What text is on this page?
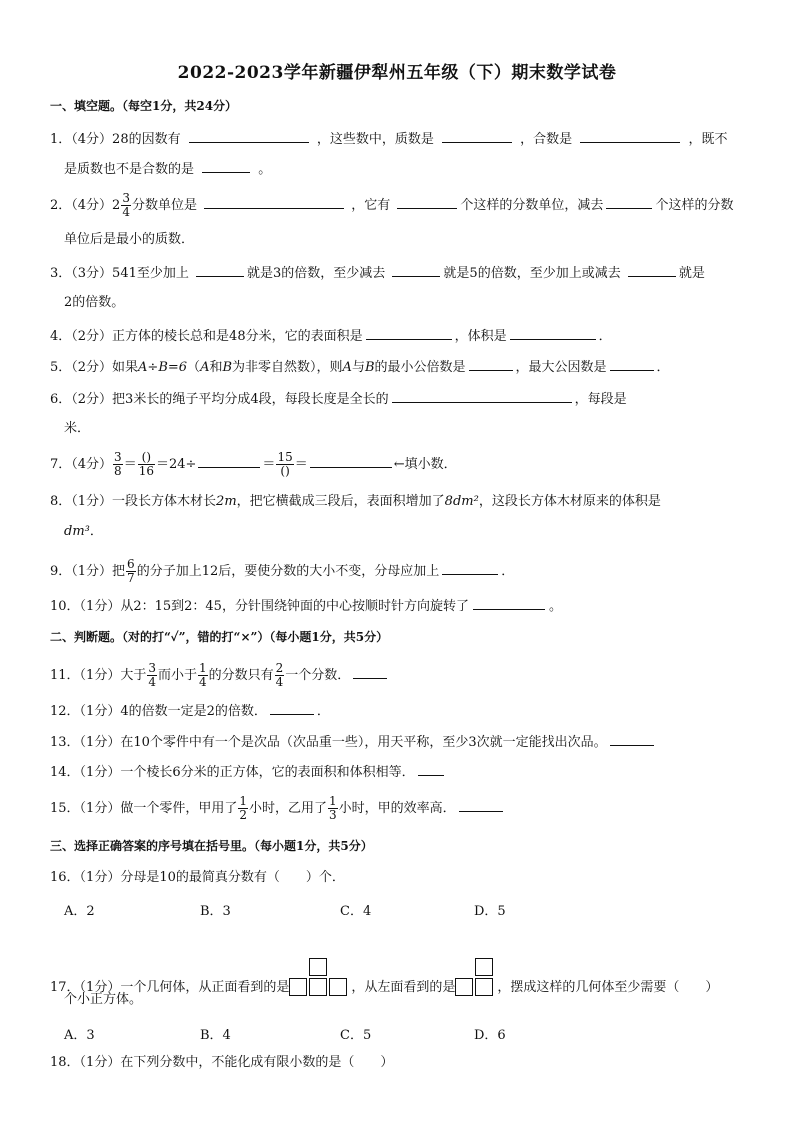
2022-2023学年新疆伊犁州五年级（下）期末数学试卷
一、填空题。（每空1分，共24分）
1．（4分）28的因数有	，这些数中，质数是	，合数是	，既不
是质数也不是合数的是	。
2．（4分）$2 \frac{3}{4}$ 分数单位是	，它有	个这样的分数单位，减去	个这样的分数
单位后是最小的质数．
3．（3分）541至少加上	就是3的倍数，至少减去	就是5的倍数，至少加上或减去	就是
2的倍数。
4．（2分）正方体的棱长总和是48分米，它的表面积是	，体积是	．
5．（2分）如果A÷B=6（A和B为非零自然数），则A与B的最小公倍数是	，最大公因数是	．
6．（2分）把3米长的绳子平均分成4段，每段长度是全长的	，每段是
米．
7．（4分） $\frac{3}{8} = \frac{()}{16} =24\div$	＝ $\frac{15}{()}$ ＝	←填小数．
8．（1分）一段长方体木材长2m，把它横截成三段后，表面积增加了8dm²，这段长方体木材原来的体积是
dm³．
9．（1分）把 $\frac{6}{7}$ 的分子加上12后，要使分数的大小不变，分母应加上	．
10．（1分）从2：15到2：45，分针围绕钟面的中心按顺时针方向旋转了	。
二、判断题。（对的打“✓”，错的打“×”）（每小题1分，共5分）
11．（1分）大于 $\frac{3}{4}$ 而小于 $\frac{1}{4}$ 的分数只有 $\frac{2}{4}$ 一个分数．
12．（1分）4的倍数一定是2的倍数．	．
13．（1分）在10个零件中有一个是次品（次品重一些），用天平称，至少3次就一定能找出次品。
14．（1分）一个棱长6分米的正方体，它的表面积和体积相等．
15．（1分）做一个零件，甲用了 $\frac{1}{2}$ 小时，乙用了 $\frac{1}{3}$ 小时，甲的效率高．
三、选择正确答案的序号填在括号里。（每小题1分，共5分）
16．（1分）分母是10的最简真分数有（　　）个．
A．2	B．3	C．4	D．5
17．（1分）一个几何体，从正面看到的是	，从左面看到的是	，摆成这样的几何体至少需要（　　）
个小正方体。
A．3	B．4	C．5	D．6
18．（1分）在下列分数中，不能化成有限小数的是（　　）
